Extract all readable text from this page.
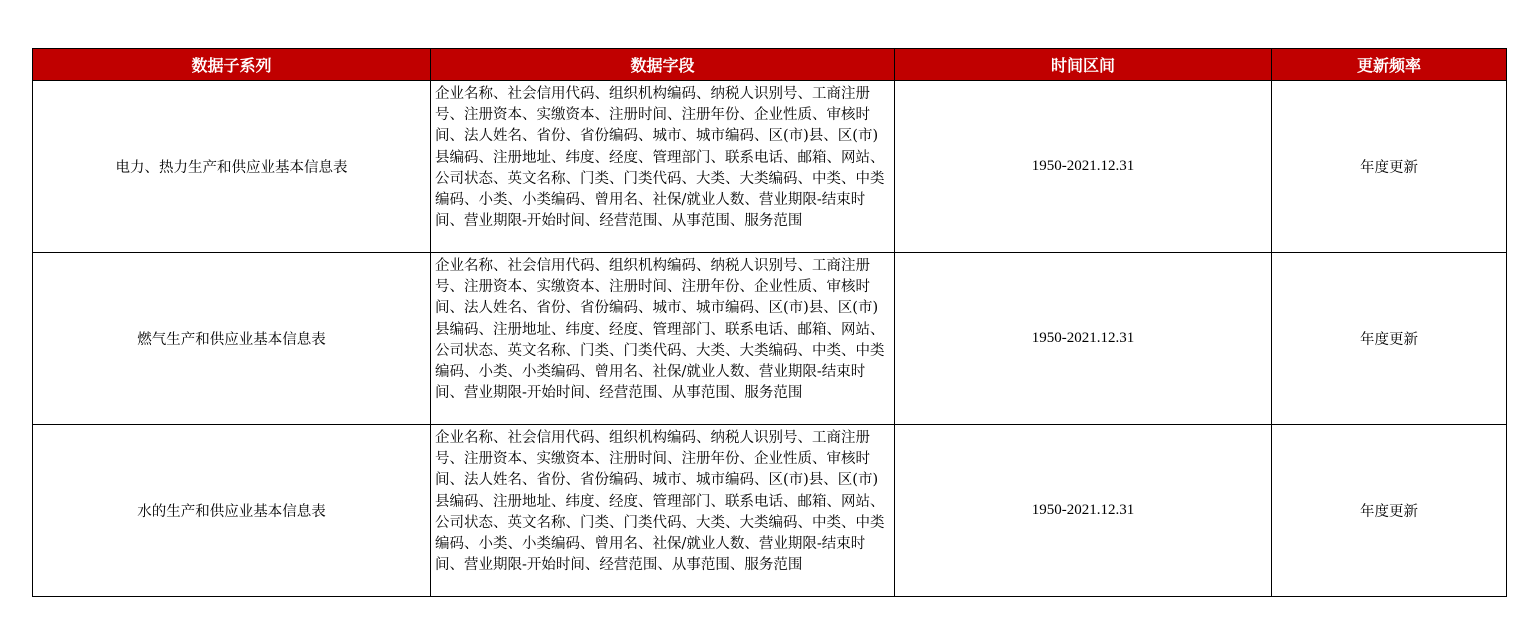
数据子系列	数据字段	时间区间	更新频率
电力、热力生产和供应业基本信息表	企业名称、社会信用代码、组织机构编码、纳税人识别号、工商注册号、注册资本、实缴资本、注册时间、注册年份、企业性质、审核时间、法人姓名、省份、省份编码、城市、城市编码、区(市)县、区(市)县编码、注册地址、纬度、经度、管理部门、联系电话、邮箱、网站、公司状态、英文名称、门类、门类代码、大类、大类编码、中类、中类编码、小类、小类编码、曾用名、社保/就业人数、营业期限-结束时间、营业期限-开始时间、经营范围、从事范围、服务范围	1950-2021.12.31	年度更新
燃气生产和供应业基本信息表	企业名称、社会信用代码、组织机构编码、纳税人识别号、工商注册号、注册资本、实缴资本、注册时间、注册年份、企业性质、审核时间、法人姓名、省份、省份编码、城市、城市编码、区(市)县、区(市)县编码、注册地址、纬度、经度、管理部门、联系电话、邮箱、网站、公司状态、英文名称、门类、门类代码、大类、大类编码、中类、中类编码、小类、小类编码、曾用名、社保/就业人数、营业期限-结束时间、营业期限-开始时间、经营范围、从事范围、服务范围	1950-2021.12.31	年度更新
水的生产和供应业基本信息表	企业名称、社会信用代码、组织机构编码、纳税人识别号、工商注册号、注册资本、实缴资本、注册时间、注册年份、企业性质、审核时间、法人姓名、省份、省份编码、城市、城市编码、区(市)县、区(市)县编码、注册地址、纬度、经度、管理部门、联系电话、邮箱、网站、公司状态、英文名称、门类、门类代码、大类、大类编码、中类、中类编码、小类、小类编码、曾用名、社保/就业人数、营业期限-结束时间、营业期限-开始时间、经营范围、从事范围、服务范围	1950-2021.12.31	年度更新
